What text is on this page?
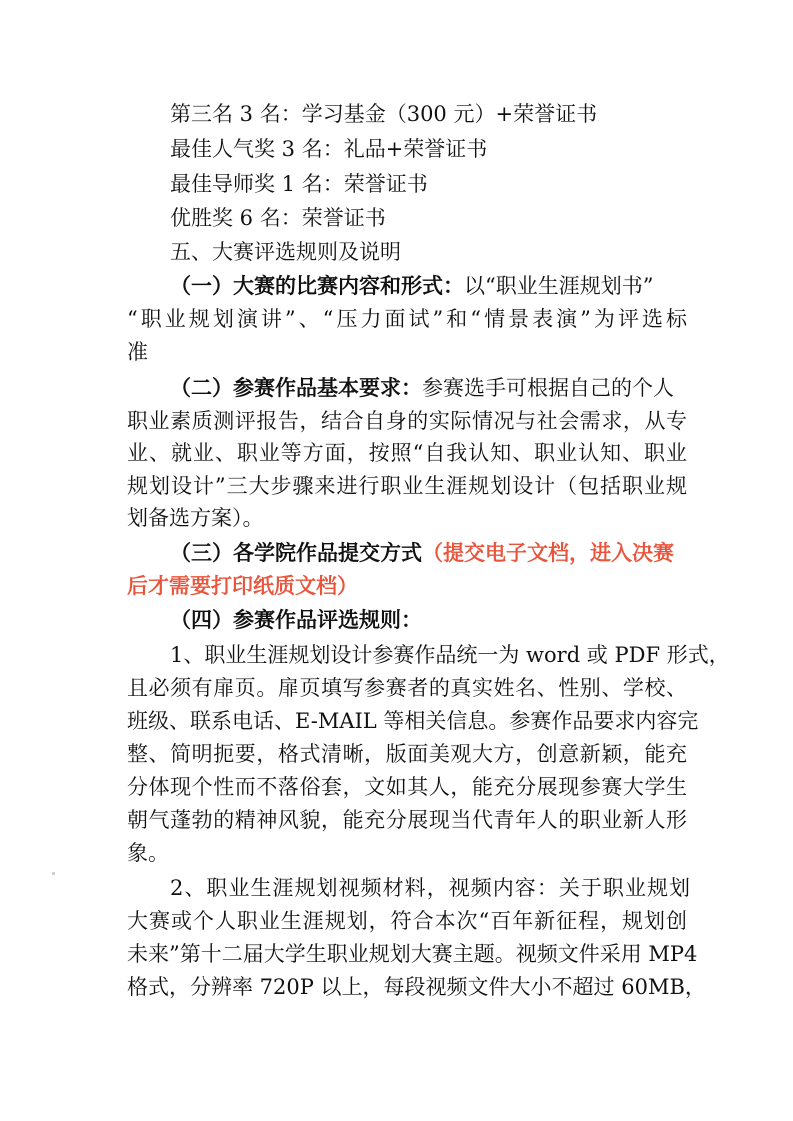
第三名 3 名：学习基金（300 元）+荣誉证书
最佳人气奖 3 名：礼品+荣誉证书
最佳导师奖 1 名：荣誉证书
优胜奖 6 名：荣誉证书
五、大赛评选规则及说明
（一）大赛的比赛内容和形式：以“职业生涯规划书”
“职业规划演讲”、“压力面试”和“情景表演”为评选标
准
（二）参赛作品基本要求：参赛选手可根据自己的个人
职业素质测评报告，结合自身的实际情况与社会需求，从专
业、就业、职业等方面，按照“自我认知、职业认知、职业
规划设计”三大步骤来进行职业生涯规划设计（包括职业规
划备选方案）。
（三）各学院作品提交方式（提交电子文档，进入决赛
后才需要打印纸质文档）
（四）参赛作品评选规则：
1、职业生涯规划设计参赛作品统一为 word 或 PDF 形式，
且必须有扉页。扉页填写参赛者的真实姓名、性别、学校、
班级、联系电话、E-MAIL 等相关信息。参赛作品要求内容完
整、简明扼要，格式清晰，版面美观大方，创意新颖，能充
分体现个性而不落俗套，文如其人，能充分展现参赛大学生
朝气蓬勃的精神风貌，能充分展现当代青年人的职业新人形
象。
2、职业生涯规划视频材料，视频内容：关于职业规划
大赛或个人职业生涯规划，符合本次“百年新征程，规划创
未来”第十二届大学生职业规划大赛主题。视频文件采用 MP4
格式，分辨率 720P 以上，每段视频文件大小不超过 60MB，
